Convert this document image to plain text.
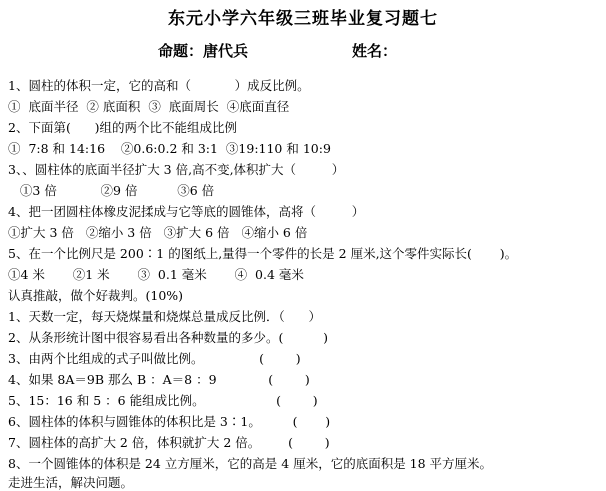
东元小学六年级三班毕业复习题七
命题：唐代兵	姓名：
1、圆柱的体积一定，它的高和（           ）成反比例。
①  底面半径  ② 底面积  ③  底面周长  ④底面直径
2、下面第(      )组的两个比不能组成比例
①  7:8 和 14:16    ②0.6:0.2 和 3:1  ③19:110 和 10:9
3、、圆柱体的底面半径扩大 3 倍,高不变,体积扩大（         ）
①3 倍           ②9 倍          ③6 倍
4、把一团圆柱体橡皮泥揉成与它等底的圆锥体，高将（         ）
①扩大 3 倍   ②缩小 3 倍   ③扩大 6 倍   ④缩小 6 倍
5、在一个比例尺是 200∶1 的图纸上,量得一个零件的长是 2 厘米,这个零件实际长(       )。
①4 米       ②1 米       ③  0.1 毫米       ④  0.4 毫米
认真推敲，做个好裁判。(10%)
1、天数一定，每天烧煤量和烧煤总量成反比例．（      ）
2、从条形统计图中很容易看出各种数量的多少。(          )
3、由两个比组成的式子叫做比例。              (        )
4、如果 8A＝9B 那么 B ：A＝8 ：9             (        )
5、15：16 和 5 ：6 能组成比例。                  (        )
6、圆柱体的体积与圆锥体的体积比是 3∶1。        (       )
7、圆柱体的高扩大 2 倍，体积就扩大 2 倍。       (        )
8、一个圆锥体的体积是 24 立方厘米，它的高是 4 厘米，它的底面积是 18 平方厘米。
走进生活，解决问题。
